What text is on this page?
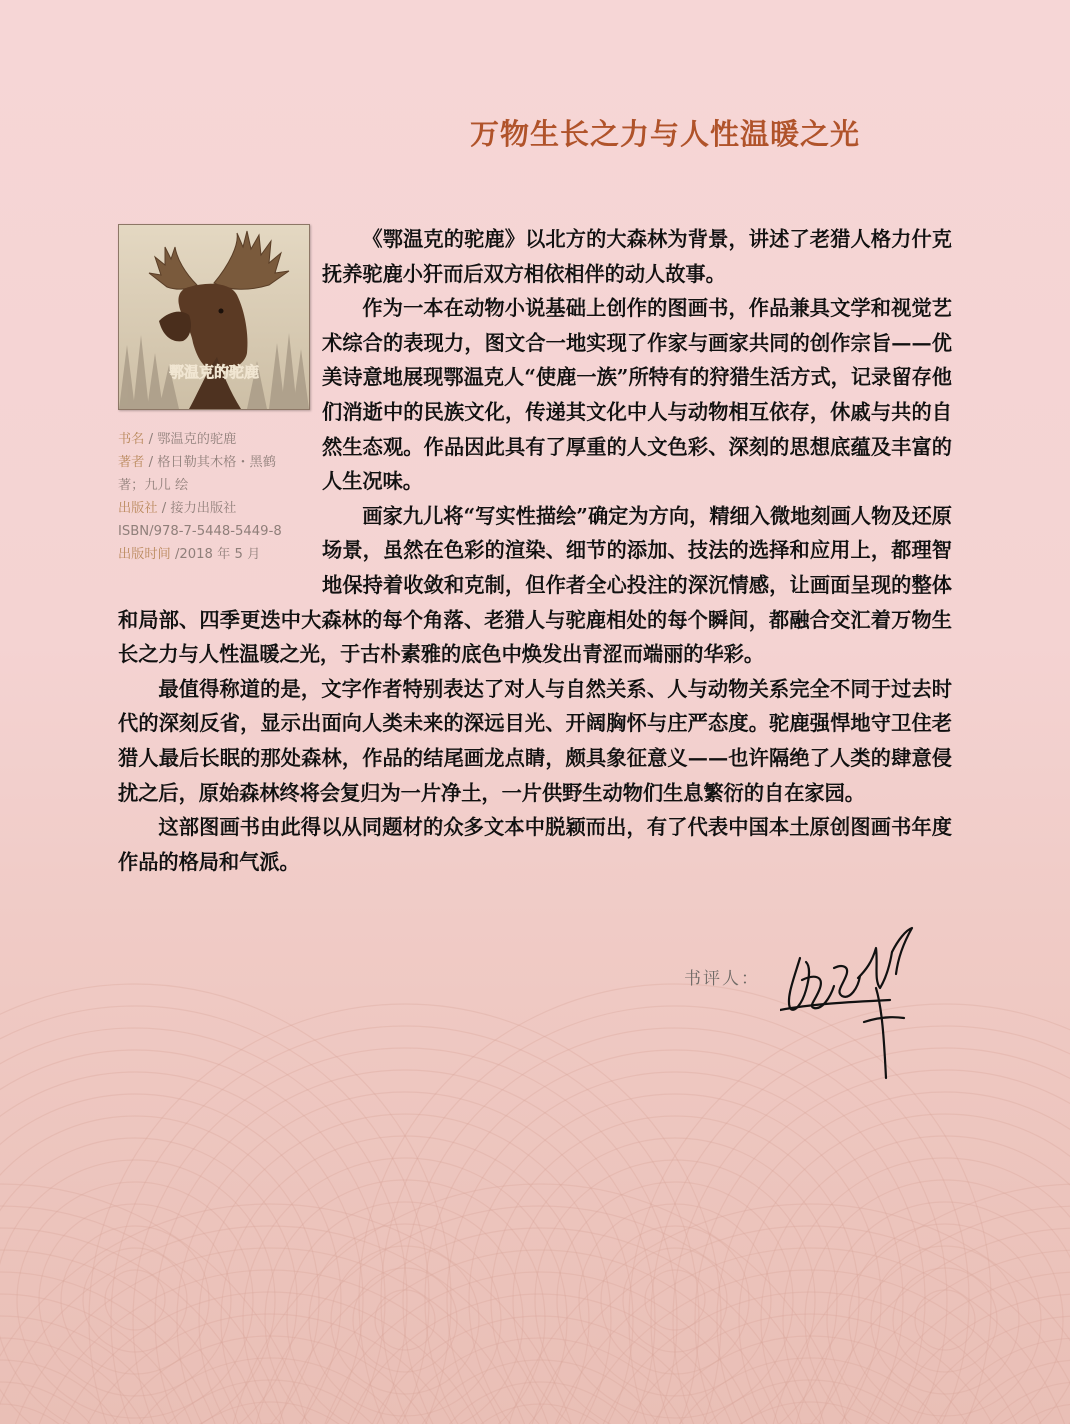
万物生长之力与人性温暖之光
鄂温克的驼鹿
书名 / 鄂温克的驼鹿
著者 / 格日勒其木格・黑鹤
著；九儿 绘
出版社 / 接力出版社
ISBN/978-7-5448-5449-8
出版时间 /2018 年 5 月

《鄂温克的驼鹿》以北方的大森林为背景，讲述了老猎人格力什克抚养驼鹿小犴而后双方相依相伴的动人故事。

作为一本在动物小说基础上创作的图画书，作品兼具文学和视觉艺术综合的表现力，图文合一地实现了作家与画家共同的创作宗旨——优美诗意地展现鄂温克人“使鹿一族”所特有的狩猎生活方式，记录留存他们消逝中的民族文化，传递其文化中人与动物相互依存，休戚与共的自然生态观。作品因此具有了厚重的人文色彩、深刻的思想底蕴及丰富的人生况味。

画家九儿将“写实性描绘”确定为方向，精细入微地刻画人物及还原场景，虽然在色彩的渲染、细节的添加、技法的选择和应用上，都理智地保持着收敛和克制，但作者全心投注的深沉情感，让画面呈现的整体和局部、四季更迭中大森林的每个角落、老猎人与驼鹿相处的每个瞬间，都融合交汇着万物生长之力与人性温暖之光，于古朴素雅的底色中焕发出青涩而端丽的华彩。

最值得称道的是，文字作者特别表达了对人与自然关系、人与动物关系完全不同于过去时代的深刻反省，显示出面向人类未来的深远目光、开阔胸怀与庄严态度。驼鹿强悍地守卫住老猎人最后长眠的那处森林，作品的结尾画龙点睛，颇具象征意义——也许隔绝了人类的肆意侵扰之后，原始森林终将会复归为一片净土，一片供野生动物们生息繁衍的自在家园。

这部图画书由此得以从同题材的众多文本中脱颖而出，有了代表中国本土原创图画书年度作品的格局和气派。

书评人：
